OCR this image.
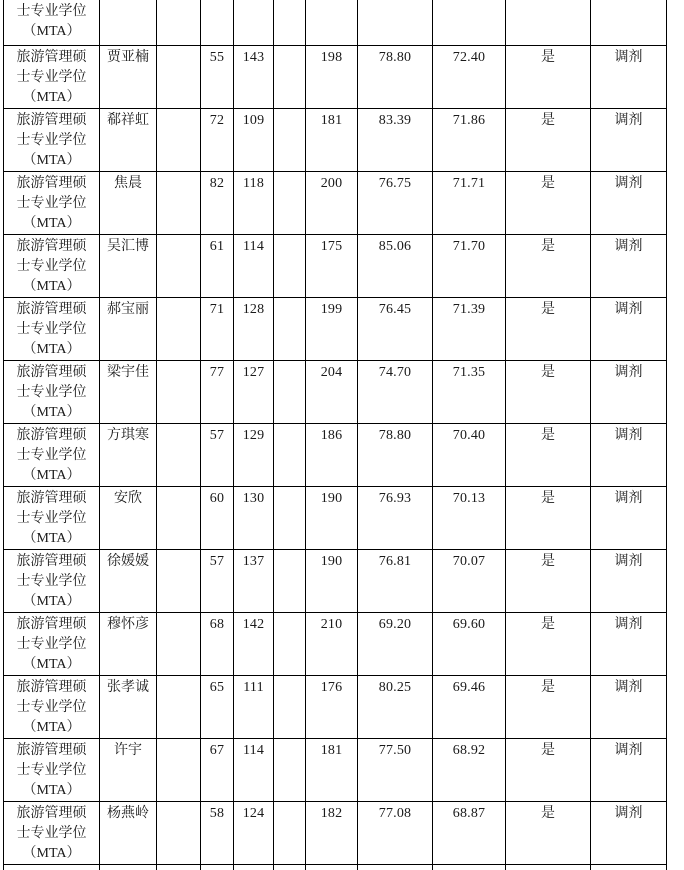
士专业学位
（MTA）										

旅游管理硕
士专业学位
（MTA）	贾亚楠		55	143		198	78.80	72.40	是	调剂

旅游管理硕
士专业学位
（MTA）	郗祥虹		72	109		181	83.39	71.86	是	调剂

旅游管理硕
士专业学位
（MTA）	焦晨		82	118		200	76.75	71.71	是	调剂

旅游管理硕
士专业学位
（MTA）	吴汇博		61	114		175	85.06	71.70	是	调剂

旅游管理硕
士专业学位
（MTA）	郝宝丽		71	128		199	76.45	71.39	是	调剂

旅游管理硕
士专业学位
（MTA）	梁宇佳		77	127		204	74.70	71.35	是	调剂

旅游管理硕
士专业学位
（MTA）	方琪寒		57	129		186	78.80	70.40	是	调剂

旅游管理硕
士专业学位
（MTA）	安欣		60	130		190	76.93	70.13	是	调剂

旅游管理硕
士专业学位
（MTA）	徐媛媛		57	137		190	76.81	70.07	是	调剂

旅游管理硕
士专业学位
（MTA）	穆怀彦		68	142		210	69.20	69.60	是	调剂

旅游管理硕
士专业学位
（MTA）	张孝诚		65	111		176	80.25	69.46	是	调剂

旅游管理硕
士专业学位
（MTA）	许宇		67	114		181	77.50	68.92	是	调剂

旅游管理硕
士专业学位
（MTA）	杨燕岭		58	124		182	77.08	68.87	是	调剂
